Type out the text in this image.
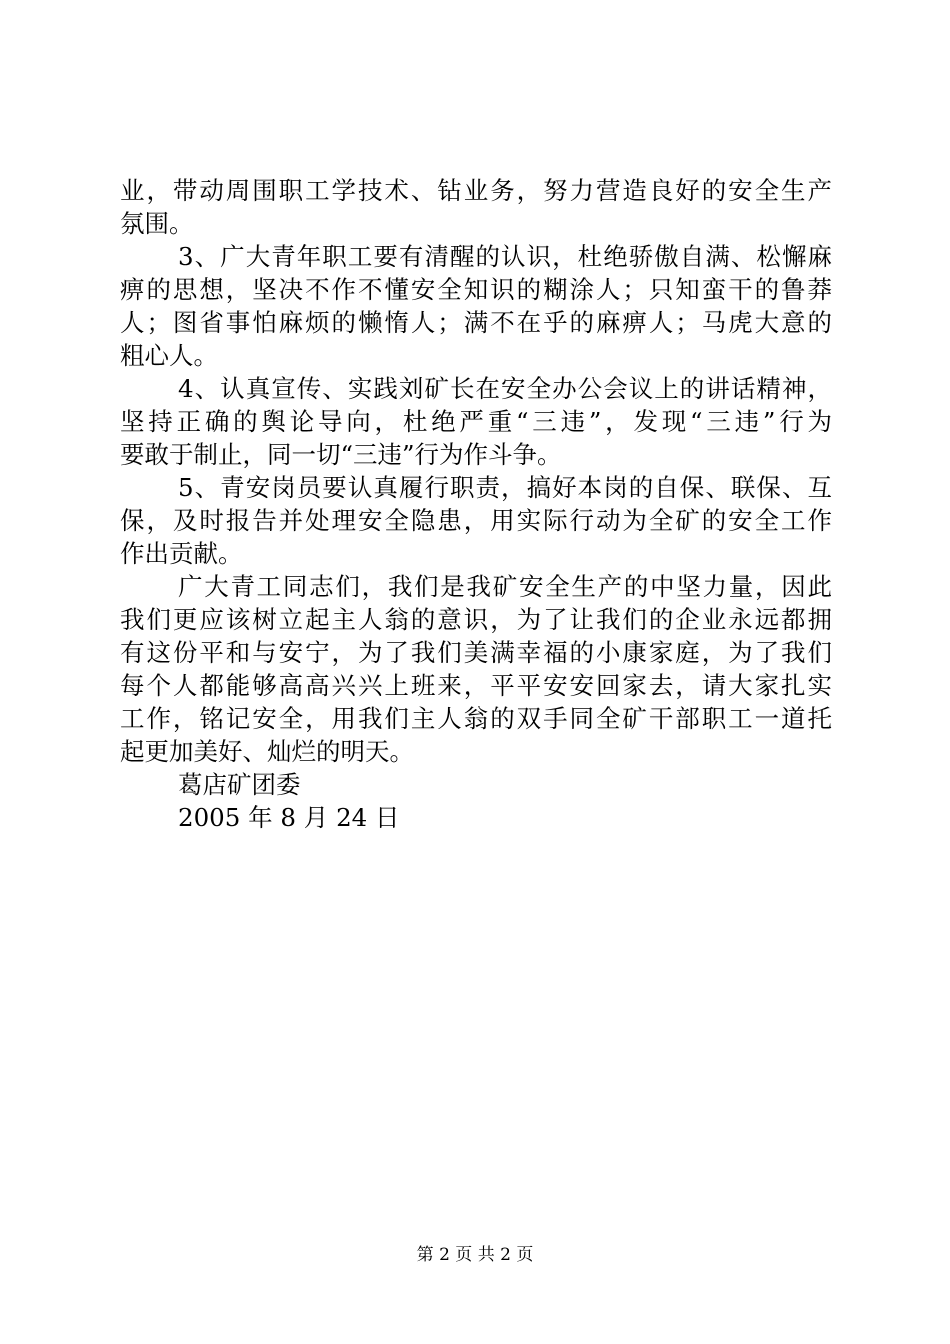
业，带动周围职工学技术、钻业务，努力营造良好的安全生产
氛围。
3、广大青年职工要有清醒的认识，杜绝骄傲自满、松懈麻
痹的思想，坚决不作不懂安全知识的糊涂人；只知蛮干的鲁莽
人；图省事怕麻烦的懒惰人；满不在乎的麻痹人；马虎大意的
粗心人。
4、认真宣传、实践刘矿长在安全办公会议上的讲话精神，
坚持正确的舆论导向，杜绝严重“三违”，发现“三违”行为
要敢于制止，同一切“三违”行为作斗争。
5、青安岗员要认真履行职责，搞好本岗的自保、联保、互
保，及时报告并处理安全隐患，用实际行动为全矿的安全工作
作出贡献。
广大青工同志们，我们是我矿安全生产的中坚力量，因此
我们更应该树立起主人翁的意识，为了让我们的企业永远都拥
有这份平和与安宁，为了我们美满幸福的小康家庭，为了我们
每个人都能够高高兴兴上班来，平平安安回家去，请大家扎实
工作，铭记安全，用我们主人翁的双手同全矿干部职工一道托
起更加美好、灿烂的明天。
葛店矿团委
2005 年 8 月 24 日
第 2 页 共 2 页
